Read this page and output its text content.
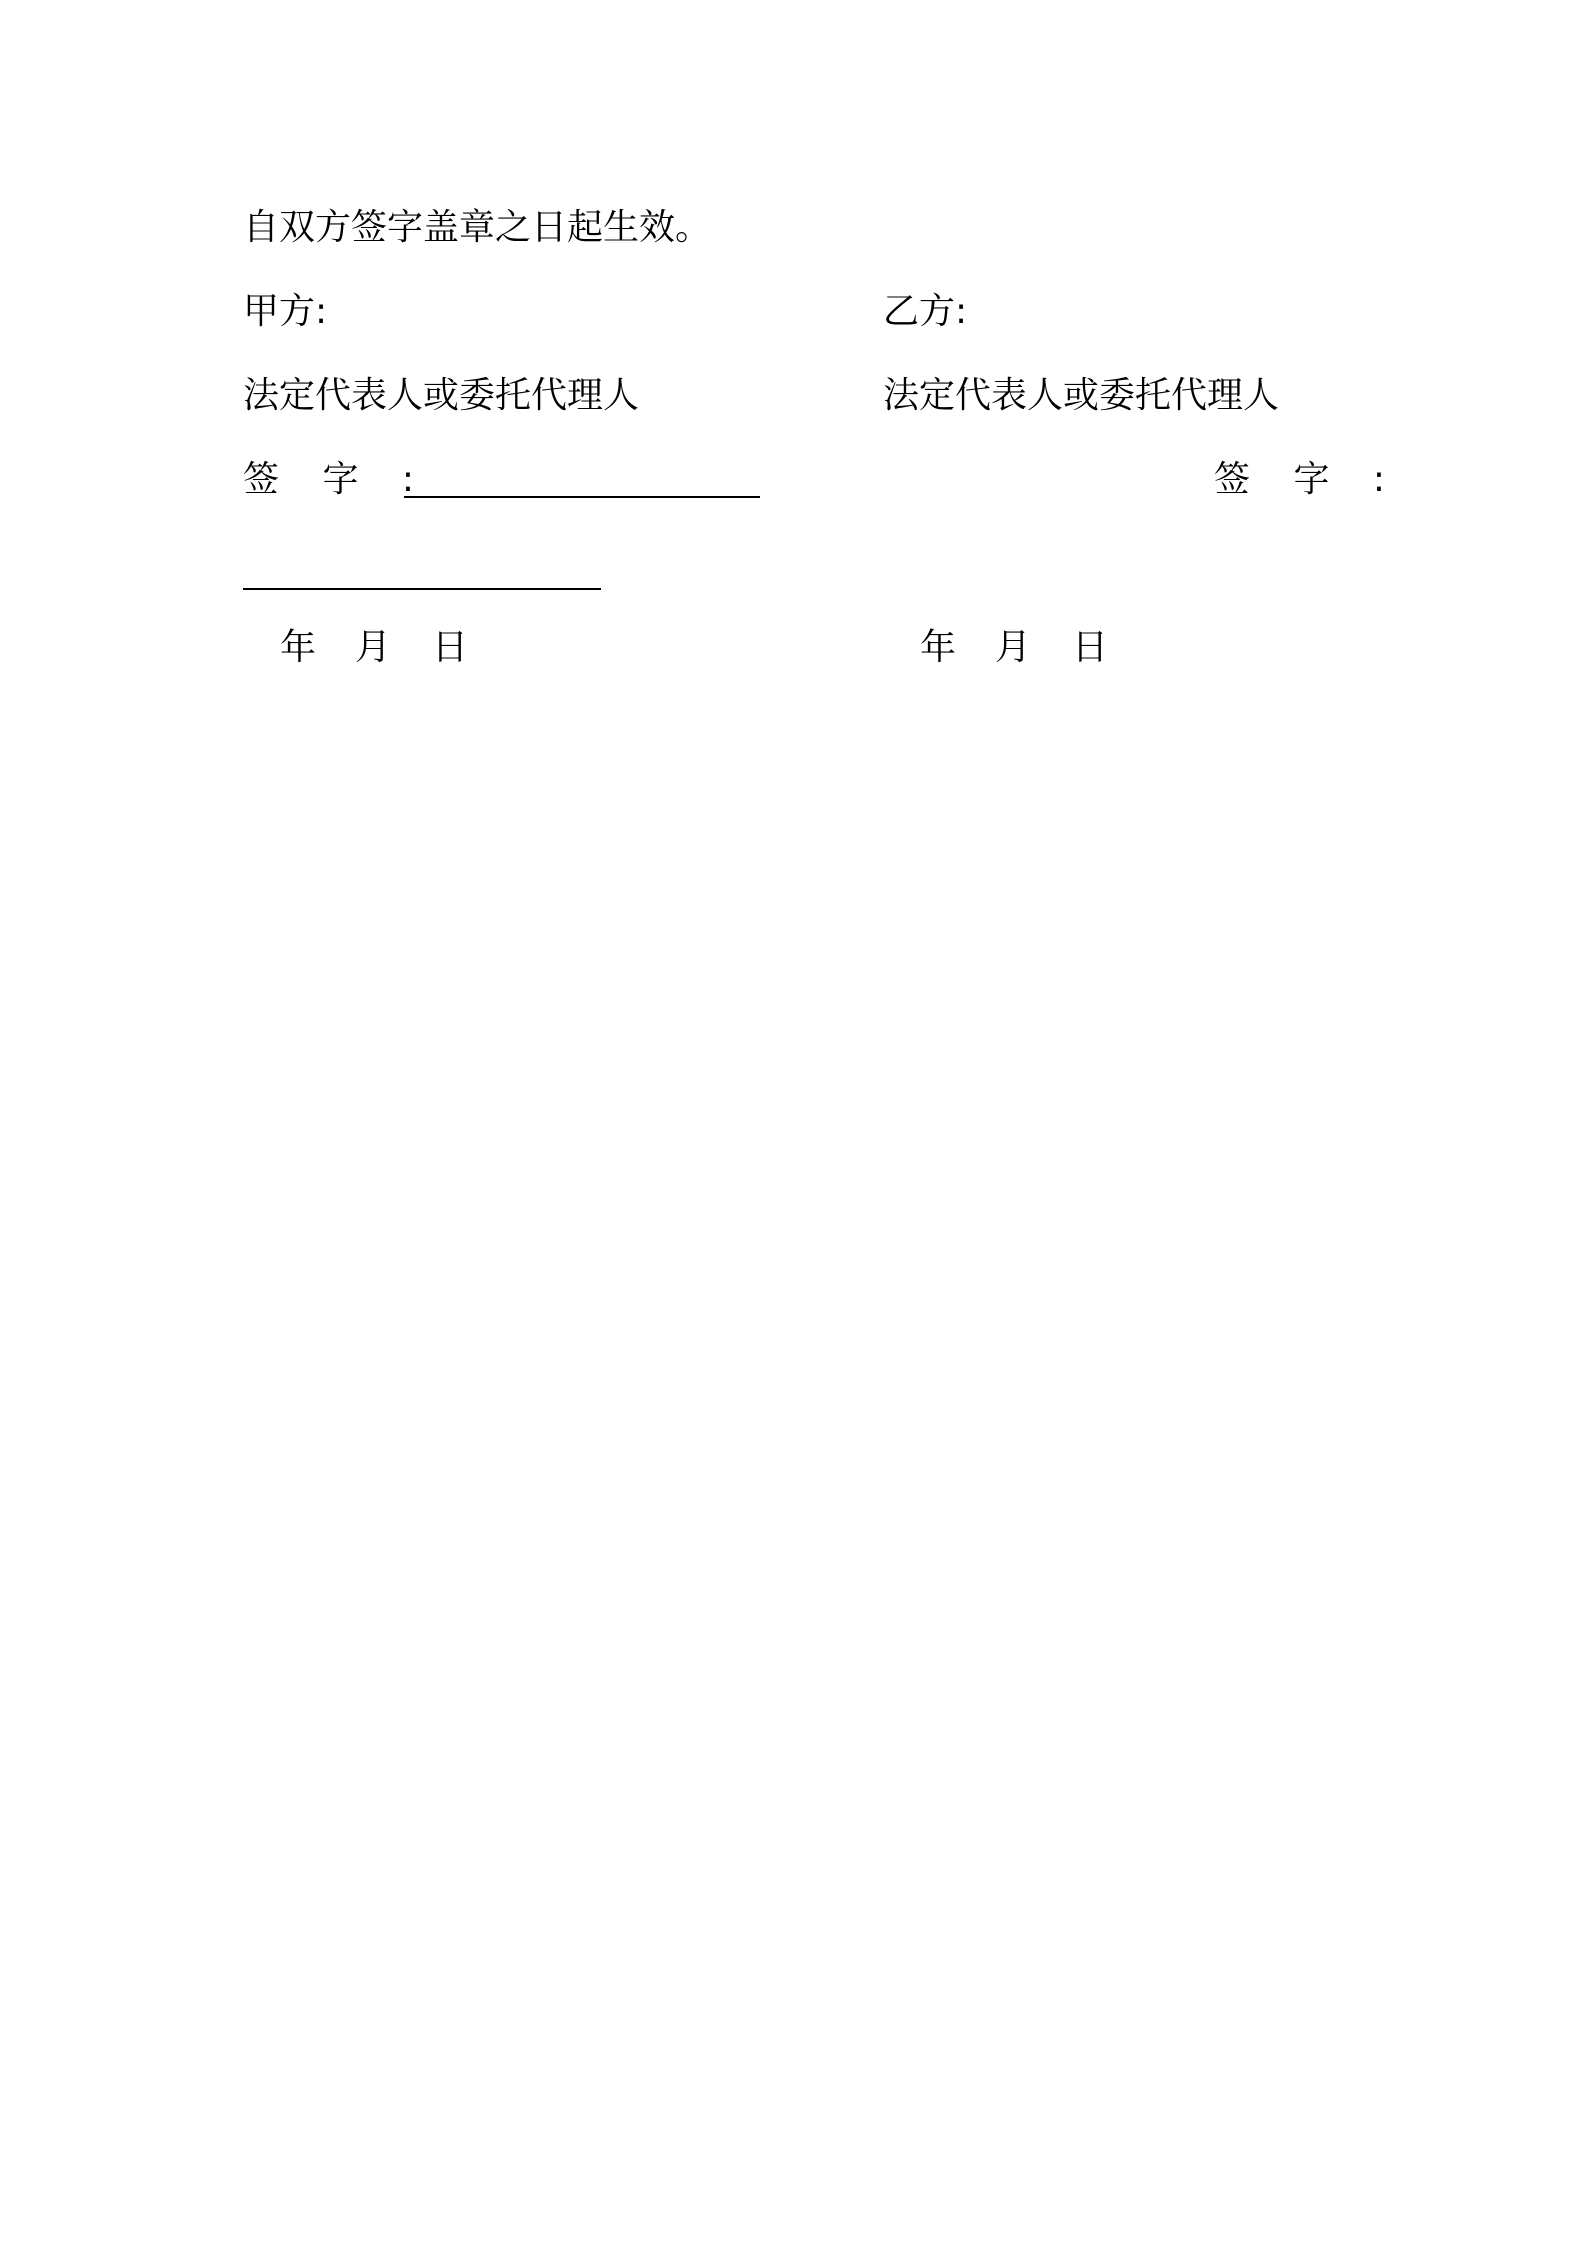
自双方签字盖章之日起生效。
甲方:	乙方:
法定代表人或委托代理人	法定代表人或委托代理人
签 字 :	签 字 :
年 月 日	年 月 日
